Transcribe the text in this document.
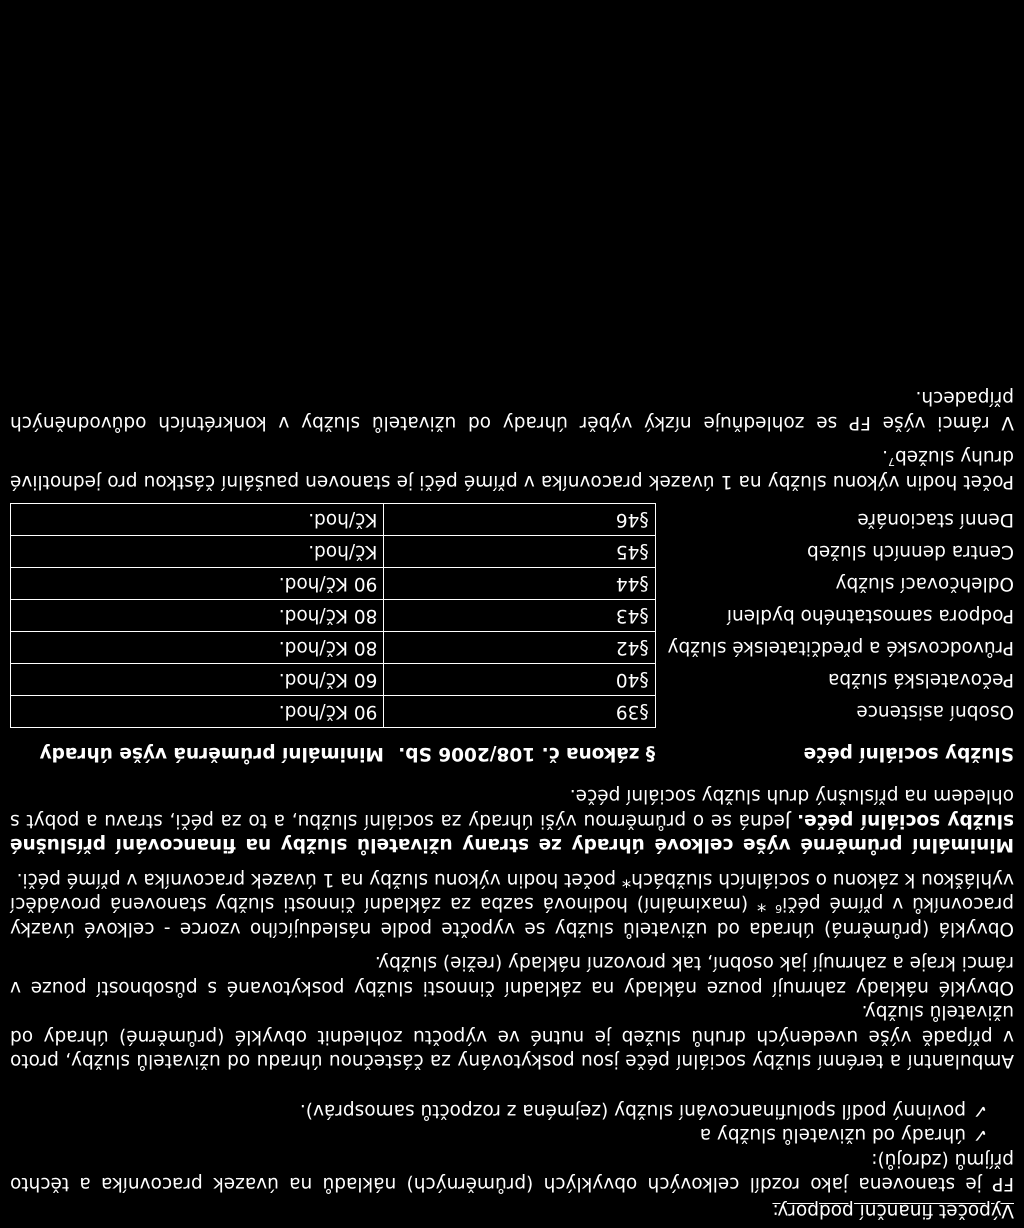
Výpočet finanční podpory:

FP je stanovena jako rozdíl celkových obvyklých (průměrných) nákladů na úvazek pracovníka a těchto příjmů (zdrojů):

✓
úhrady od uživatelů služby a
✓
povinný podíl spolufinancování služby (zejména z rozpočtů samospráv).

Ambulantní a terénní služby sociální péče jsou poskytovány za částečnou úhradu od uživatelů služby, proto v případě výše uvedených druhů služeb je nutné ve výpočtu zohlednit obvyklé (průměrné) úhrady od uživatelů služby.

Obvyklé náklady zahrnují pouze náklady na základní činnosti služby poskytované s působností pouze v rámci kraje a zahrnují jak osobní, tak provozní náklady (režie) služby.

Obvyklá (průměrná) úhrada od uživatelů služby se vypočte podle následujícího vzorce - celkové úvazky pracovníků v přímé péči$^6$ * (maximální) hodinová sazba za základní činnosti služby stanovená prováděcí vyhláškou k zákonu o sociálních službách* počet hodin výkonu služby na 1 úvazek pracovníka v přímé péči.

Minimální průměrné výše celkové úhrady ze strany uživatelů služby na financování příslušné služby sociální péče. Jedná se o průměrnou výši úhrady za sociální službu, a to za péči, stravu a pobyt s ohledem na příslušný druh služby sociální péče.

Služby sociální péče	§ zákona č. 108/2006 Sb.	Minimální průměrná výše úhrady
Osobní asistence	§39	90 Kč/hod.
Pečovatelská služba	§40	60 Kč/hod.
Průvodcovské a předčitatelské služby	§42	80 Kč/hod.
Podpora samostatného bydlení	§43	80 Kč/hod.
Odlehčovací služby	§44	90 Kč/hod.
Centra denních služeb	§45	Kč/hod.
Denní stacionáře	§46	Kč/hod.

Počet hodin výkonu služby na 1 úvazek pracovníka v přímé péči je stanoven paušální částkou pro jednotlivé druhy služeb$^7$.

V rámci výše FP se zohledňuje nízký výběr úhrady od uživatelů služby v konkrétních odůvodněných případech.
